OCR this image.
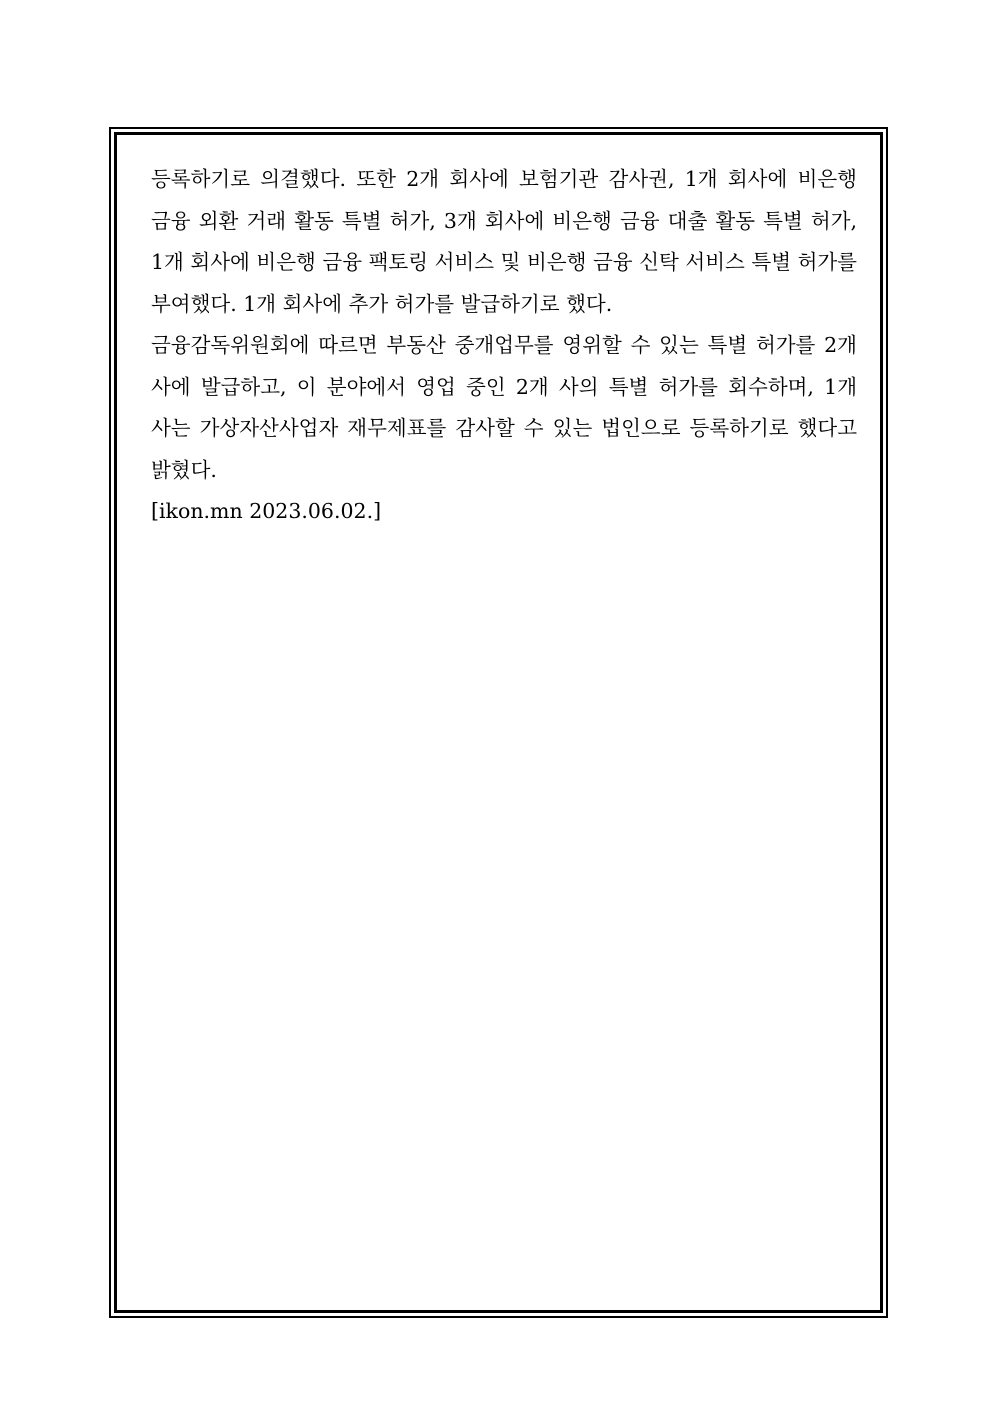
등록하기로 의결했다. 또한 2개 회사에 보험기관 감사권, 1개 회사에 비은행 금융 외환 거래 활동 특별 허가, 3개 회사에 비은행 금융 대출 활동 특별 허가, 1개 회사에 비은행 금융 팩토링 서비스 및 비은행 금융 신탁 서비스 특별 허가를 부여했다. 1개 회사에 추가 허가를 발급하기로 했다.

금융감독위원회에 따르면 부동산 중개업무를 영위할 수 있는 특별 허가를 2개 사에 발급하고, 이 분야에서 영업 중인 2개 사의 특별 허가를 회수하며, 1개 사는 가상자산사업자 재무제표를 감사할 수 있는 법인으로 등록하기로 했다고 밝혔다.

[ikon.mn 2023.06.02.]
